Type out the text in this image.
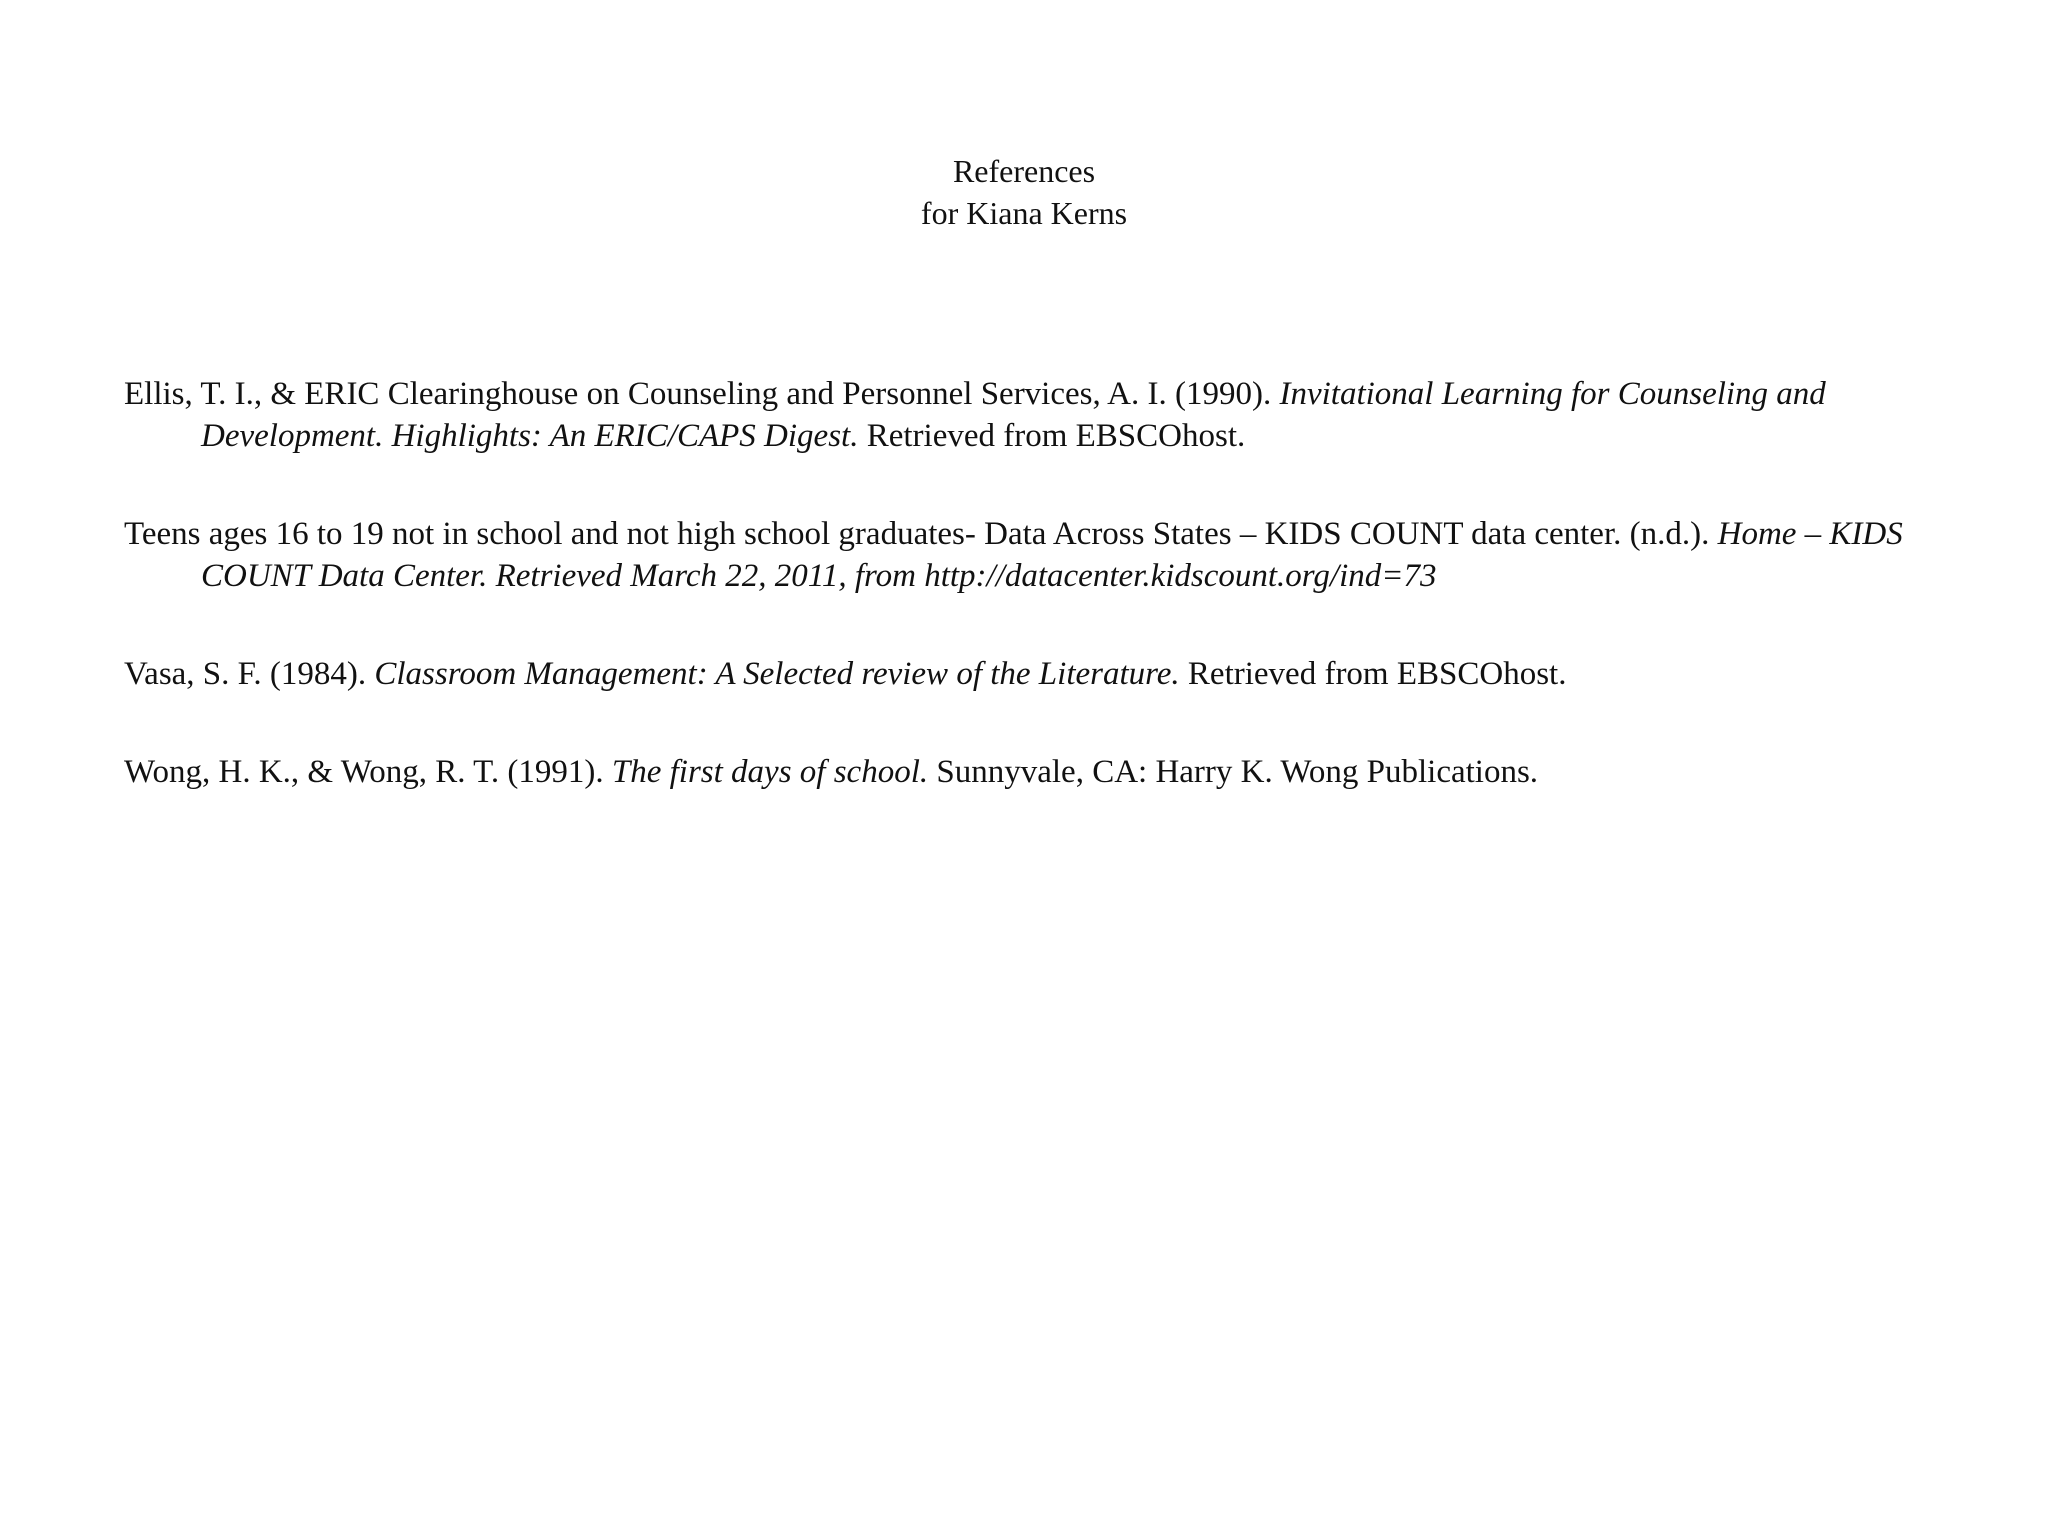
References
for Kiana Kerns

Ellis, T. I., & ERIC Clearinghouse on Counseling and Personnel Services, A. I. (1990). Invitational Learning for Counseling and Development. Highlights: An ERIC/CAPS Digest. Retrieved from EBSCOhost.

Teens ages 16 to 19 not in school and not high school graduates- Data Across States – KIDS COUNT data center. (n.d.). Home – KIDS COUNT Data Center. Retrieved March 22, 2011, from http://datacenter.kidscount.org/ind=73

Vasa, S. F. (1984). Classroom Management: A Selected review of the Literature. Retrieved from EBSCOhost.

Wong, H. K., & Wong, R. T. (1991). The first days of school. Sunnyvale, CA: Harry K. Wong Publications.
